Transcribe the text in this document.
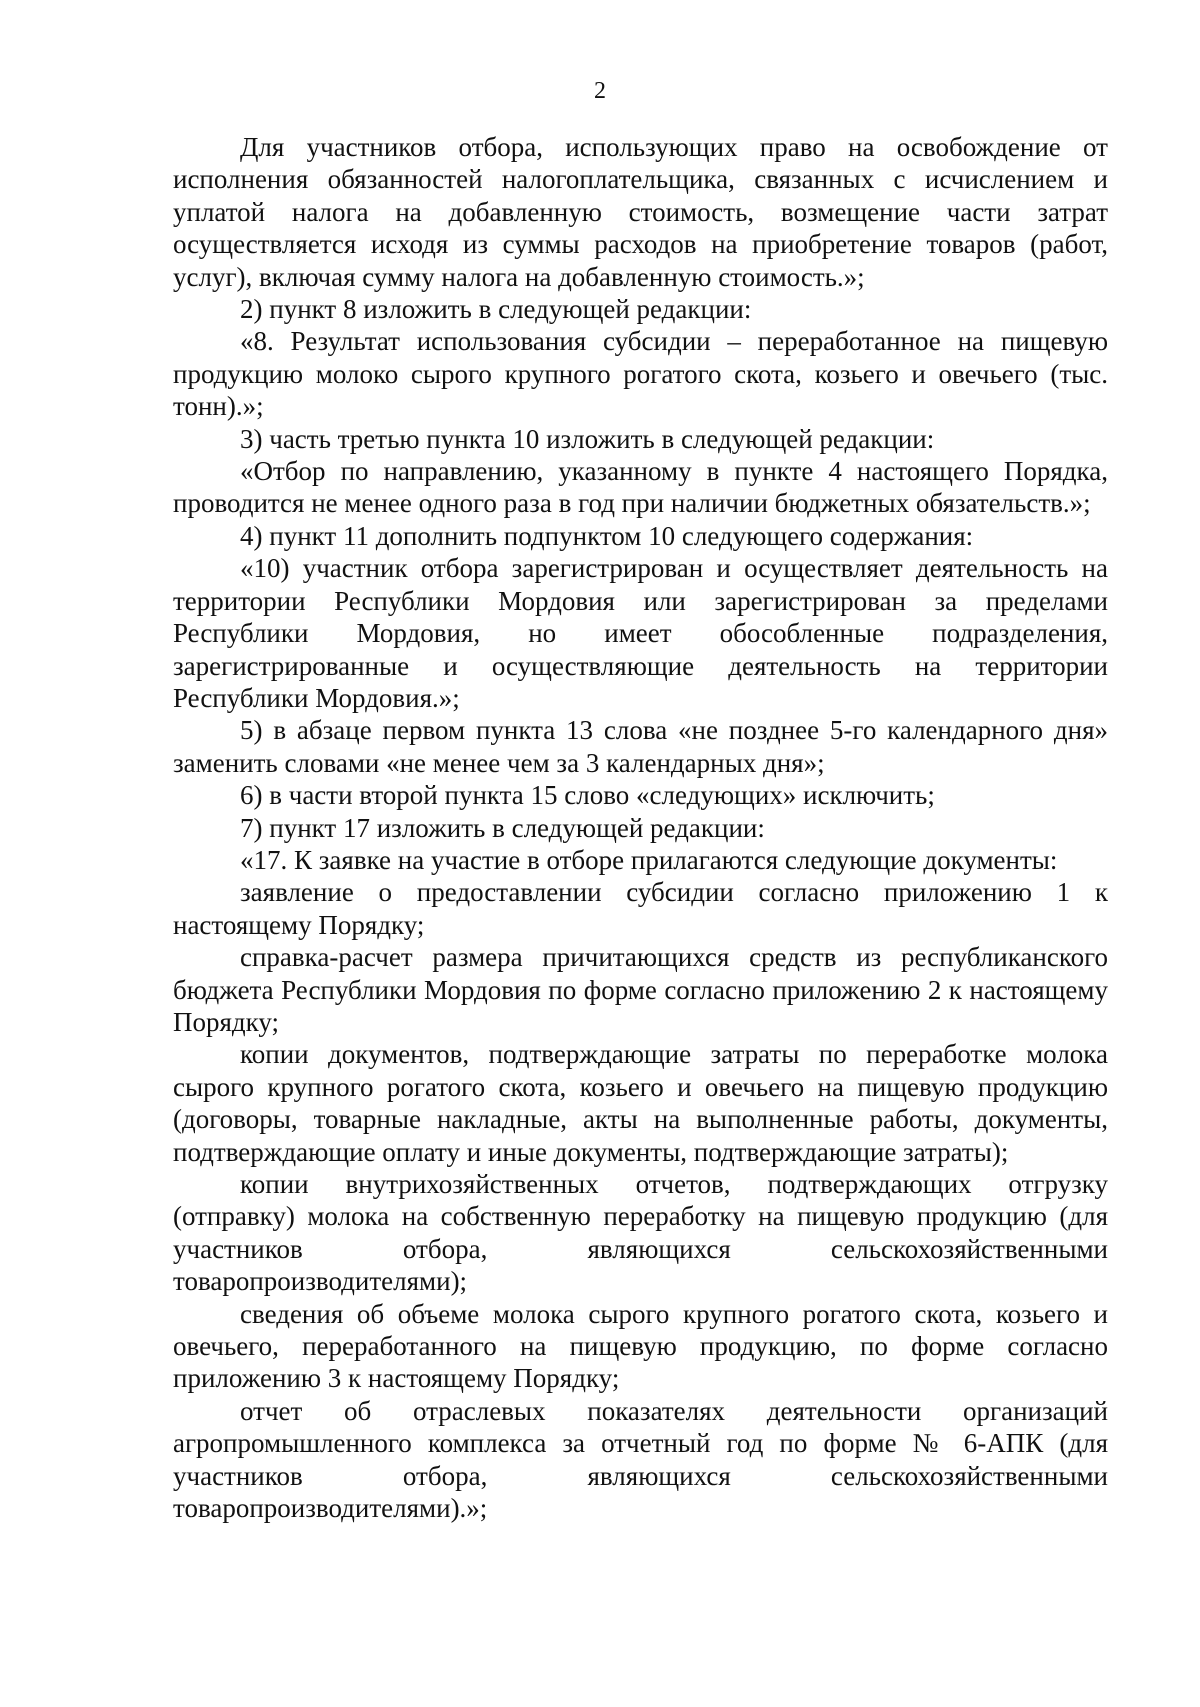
2

Для участников отбора, использующих право на освобождение от исполнения обязанностей налогоплательщика, связанных с исчислением и уплатой налога на добавленную стоимость, возмещение части затрат осуществляется исходя из суммы расходов на приобретение товаров (работ, услуг), включая сумму налога на добавленную стоимость.»;

2) пункт 8 изложить в следующей редакции:

«8. Результат использования субсидии – переработанное на пищевую продукцию молоко сырого крупного рогатого скота, козьего и овечьего (тыс. тонн).»;

3) часть третью пункта 10 изложить в следующей редакции:

«Отбор по направлению, указанному в пункте 4 настоящего Порядка, проводится не менее одного раза в год при наличии бюджетных обязательств.»;

4) пункт 11 дополнить подпунктом 10 следующего содержания:

«10) участник отбора зарегистрирован и осуществляет деятельность на территории Республики Мордовия или зарегистрирован за пределами Республики Мордовия, но имеет обособленные подразделения, зарегистрированные и осуществляющие деятельность на территории Республики Мордовия.»;

5) в абзаце первом пункта 13 слова «не позднее 5-го календарного дня» заменить словами «не менее чем за 3 календарных дня»;

6) в части второй пункта 15 слово «следующих» исключить;

7) пункт 17 изложить в следующей редакции:

«17. К заявке на участие в отборе прилагаются следующие документы:

заявление о предоставлении субсидии согласно приложению 1 к настоящему Порядку;

справка-расчет размера причитающихся средств из республиканского бюджета Республики Мордовия по форме согласно приложению 2 к настоящему Порядку;

копии документов, подтверждающие затраты по переработке молока сырого крупного рогатого скота, козьего и овечьего на пищевую продукцию (договоры, товарные накладные, акты на выполненные работы, документы, подтверждающие оплату и иные документы, подтверждающие затраты);

копии внутрихозяйственных отчетов, подтверждающих отгрузку (отправку) молока на собственную переработку на пищевую продукцию (для участников отбора, являющихся сельскохозяйственными товаропроизводителями);

сведения об объеме молока сырого крупного рогатого скота, козьего и овечьего, переработанного на пищевую продукцию, по форме согласно приложению 3 к настоящему Порядку;

отчет об отраслевых показателях деятельности организаций агропромышленного комплекса за отчетный год по форме № 6-АПК (для участников отбора, являющихся сельскохозяйственными товаропроизводителями).»;
